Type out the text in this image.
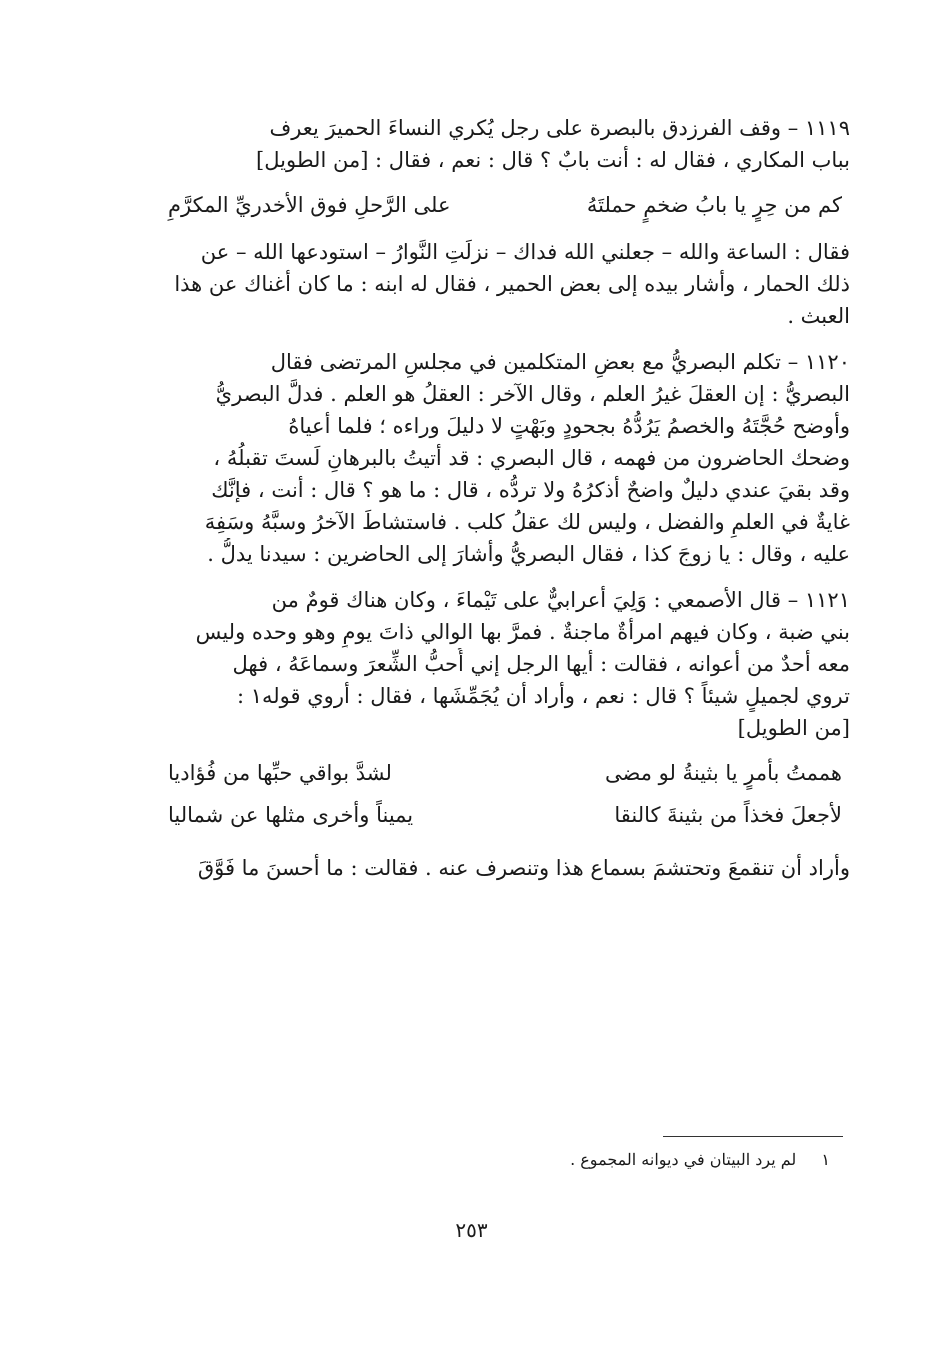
١١١٩ – وقف الفرزدق بالبصرة على رجل يُكري النساءَ الحميرَ يعرف
بباب المكاري ، فقال له : أنت بابٌ ؟ قال : نعم ، فقال : [من الطويل]
كم من حِرٍ يا بابُ ضخمٍ حملتَهُ
على الرَّحلِ فوق الأخدريِّ المكرَّمِ
فقال : الساعة والله – جعلني الله فداك – نزلَتِ النَّوارُ – استودعها الله – عن
ذلك الحمار ، وأشار بيده إلى بعض الحمير ، فقال له ابنه : ما كان أغناك عن هذا
العبث .
١١٢٠ – تكلم البصريُّ مع بعضِ المتكلمين في مجلسِ المرتضى فقال
البصريُّ : إن العقلَ غيرُ العلم ، وقال الآخر : العقلُ هو العلم . فدلَّ البصريُّ
وأوضح حُجَّتَهُ والخصمُ يَرُدُّهُ بجحودٍ وبَهْتٍ لا دليلَ وراءه ؛ فلما أعياهُ
وضحك الحاضرون من فهمه ، قال البصري : قد أتيتُ بالبرهانِ لَستَ تقبلُهُ ،
وقد بقيَ عندي دليلٌ واضحٌ أذكرُهُ ولا تردُّه ، قال : ما هو ؟ قال : أنت ، فإنَّك
غايةٌ في العلمِ والفضل ، وليس لك عقلُ كلب . فاستشاطَ الآخرُ وسبَّهُ وسَفِهَ
عليه ، وقال : يا زوجَ كذا ، فقال البصريُّ وأشارَ إلى الحاضرين : سيدنا يدلُّ .
١١٢١ – قال الأصمعي : وَلِيَ أعرابيٌّ على تَيْماءَ ، وكان هناك قومٌ من
بني ضبة ، وكان فيهم امرأةٌ ماجنةٌ . فمرَّ بها الوالي ذاتَ يومٍ وهو وحده وليس
معه أحدٌ من أعوانه ، فقالت : أيها الرجل إني أُحبُّ الشِّعرَ وسماعَهُ ، فهل
تروي لجميلٍ شيئاً ؟ قال : نعم ، وأراد أن يُجَمِّشَها ، فقال : أروي قوله١ :
[من الطويل]
هممتُ بأمرٍ يا بثينةُ لو مضى
لشدَّ بواقي حبِّها من فُؤاديا
لأجعلَ فخذاً من بثينةَ كالنقا
يميناً وأخرى مثلها عن شماليا
وأراد أن تنقمعَ وتحتشمَ بسماع هذا وتنصرف عنه . فقالت : ما أحسنَ ما فَوَّقَ
١ لم يرد البيتان في ديوانه المجموع .
٢٥٣
